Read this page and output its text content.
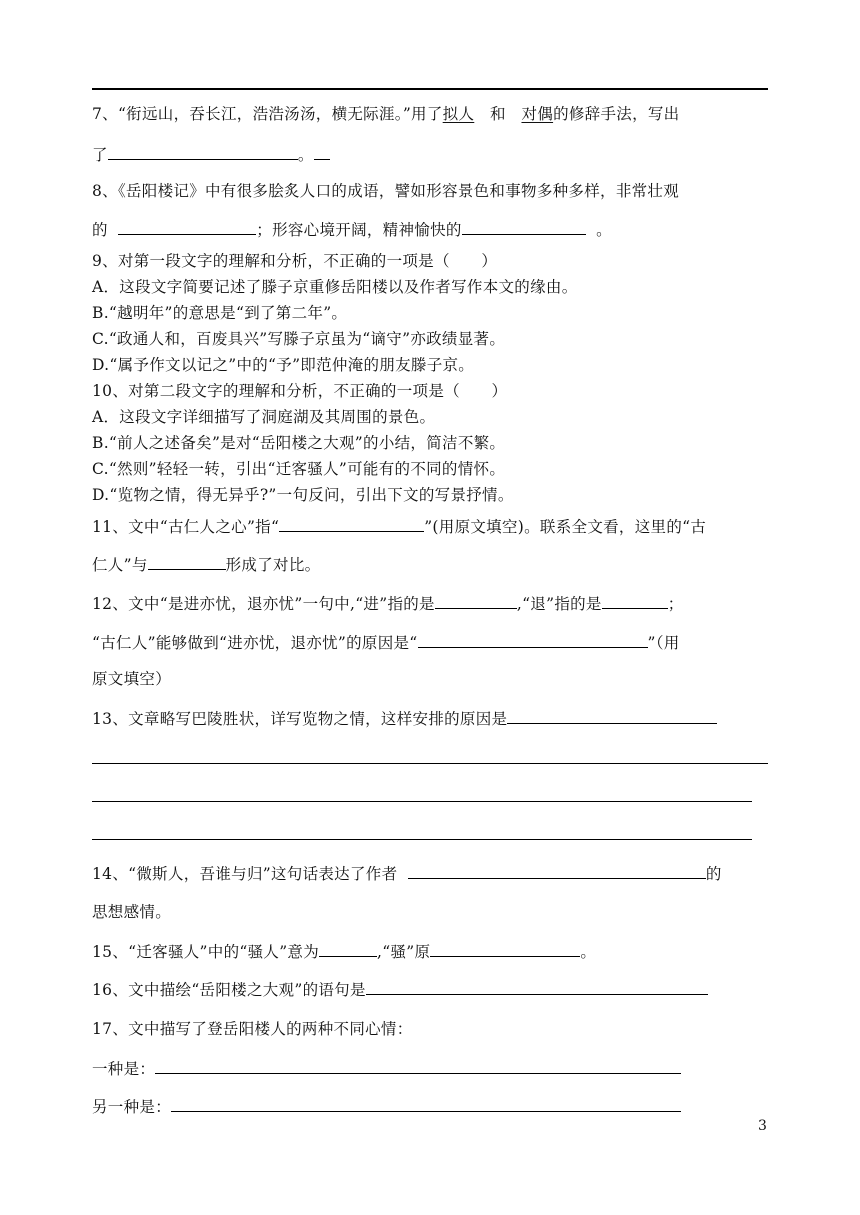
7、“衔远山，吞长江，浩浩汤汤，横无际涯。”用了拟人 和 对偶的修辞手法，写出
了	。
8、《岳阳楼记》中有很多脍炙人口的成语，譬如形容景色和事物多种多样，非常壮观
的	；形容心境开阔，精神愉快的	。
9、对第一段文字的理解和分析，不正确的一项是（　　）
A．这段文字简要记述了滕子京重修岳阳楼以及作者写作本文的缘由。
B.“越明年”的意思是“到了第二年”。
C.“政通人和，百废具兴”写滕子京虽为“谪守”亦政绩显著。
D.“属予作文以记之”中的“予”即范仲淹的朋友滕子京。
10、对第二段文字的理解和分析，不正确的一项是（　　）
A．这段文字详细描写了洞庭湖及其周围的景色。
B.“前人之述备矣”是对“岳阳楼之大观”的小结，简洁不繁。
C.“然则”轻轻一转，引出“迁客骚人”可能有的不同的情怀。
D.“览物之情，得无异乎?”一句反问，引出下文的写景抒情。
11、文中“古仁人之心”指“	”(用原文填空)。联系全文看，这里的“古
仁人”与	形成了对比。
12、文中“是进亦忧，退亦忧”一句中,“进”指的是	,“退”指的是	；
“古仁人”能够做到“进亦忧，退亦忧”的原因是“	”（用
原文填空）
13、文章略写巴陵胜状，详写览物之情，这样安排的原因是
14、“微斯人，吾谁与归”这句话表达了作者	的
思想感情。
15、“迁客骚人”中的“骚人”意为	,“骚”原	。
16、文中描绘“岳阳楼之大观”的语句是
17、文中描写了登岳阳楼人的两种不同心情：
一种是：
另一种是：
3
